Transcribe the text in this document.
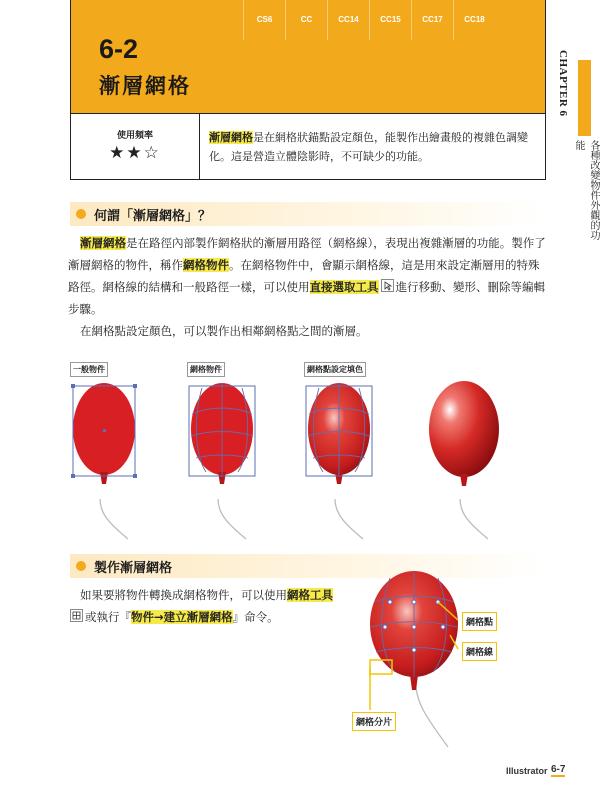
CS6	CC	CC14	CC15	CC17	CC18
6-2
漸層網格
使用頻率
★★☆
漸層網格是在網格狀錨點設定顏色，能製作出繪畫般的複雜色調變化。這是營造立體陰影時，不可缺少的功能。
CHAPTER 6
各種改變物件外觀的功能
何謂「漸層網格」？
漸層網格是在路徑內部製作網格狀的漸層用路徑（網格線），表現出複雜漸層的功能。製作了漸層網格的物件，稱作網格物件。在網格物件中，會顯示網格線，這是用來設定漸層用的特殊路徑。網格線的結構和一般路徑一樣，可以使用直接選取工具 進行移動、變形、刪除等編輯步驟。
在網格點設定顏色，可以製作出相鄰網格點之間的漸層。
一般物件	網格物件	網格點設定填色
製作漸層網格
如果要將物件轉換成網格物件，可以使用網格工具
或執行『物件→建立漸層網格』命令。	網格點
網格線
網格分片
Illustrator 6-7
